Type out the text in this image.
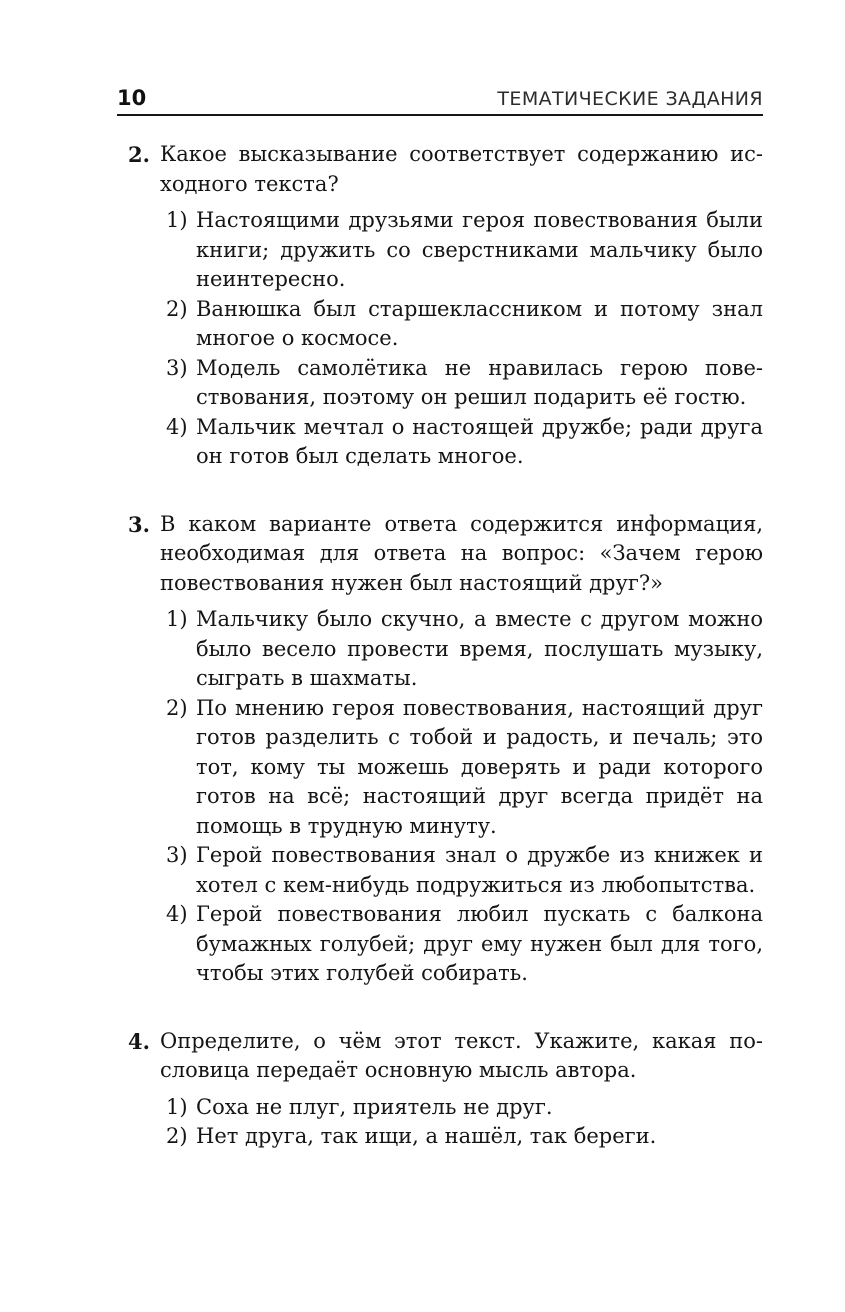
10	ТЕМАТИЧЕСКИЕ ЗАДАНИЯ
2. Какое высказывание соответствует содержанию исходного текста?

1) Настоящими друзьями героя повествования были книги; дружить со сверстниками мальчику было неинтересно.

2) Ванюшка был старшеклассником и потому знал многое о космосе.

3) Модель самолётика не нравилась герою повествования, поэтому он решил подарить её гостю.

4) Мальчик мечтал о настоящей дружбе; ради друга он готов был сделать многое.

3. В каком варианте ответа содержится информация, необходимая для ответа на вопрос: «Зачем герою повествования нужен был настоящий друг?»

1) Мальчику было скучно, а вместе с другом можно было весело провести время, послушать музыку, сыграть в шахматы.

2) По мнению героя повествования, настоящий друг готов разделить с тобой и радость, и печаль; это тот, кому ты можешь доверять и ради которого готов на всё; настоящий друг всегда придёт на помощь в трудную минуту.

3) Герой повествования знал о дружбе из книжек и хотел с кем-нибудь подружиться из любопытства.

4) Герой повествования любил пускать с балкона бумажных голубей; друг ему нужен был для того, чтобы этих голубей собирать.

4. Определите, о чём этот текст. Укажите, какая пословица передаёт основную мысль автора.

1) Соха не плуг, приятель не друг.

2) Нет друга, так ищи, а нашёл, так береги.
